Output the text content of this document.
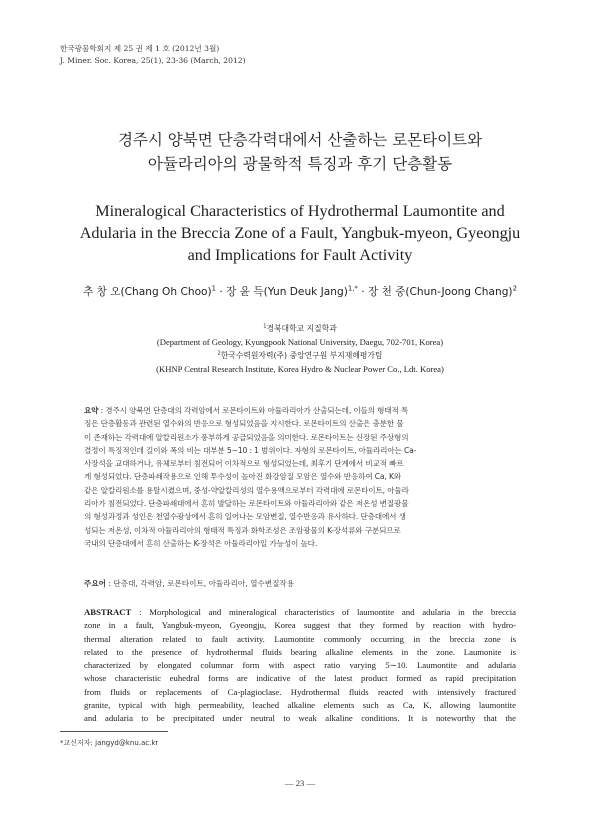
한국광물학회지 제 25 권 제 1 호 (2012년 3월)
J. Miner. Soc. Korea, 25(1), 23-36 (March, 2012)
경주시 양북면 단층각력대에서 산출하는 로몬타이트와
아듈라리아의 광물학적 특징과 후기 단층활동
Mineralogical Characteristics of Hydrothermal Laumontite and
Adularia in the Breccia Zone of a Fault, Yangbuk-myeon, Gyeongju
and Implications for Fault Activity
추 창 오(Chang Oh Choo)$^1$ · 장 윤 득(Yun Deuk Jang)$^{1,*}$ · 장 천 중(Chun-Joong Chang)$^2$
$^1$경북대학교 지질학과
(Department of Geology, Kyungpook National University, Daegu, 702-701, Korea)
$^2$한국수력원자력(주) 중앙연구원 부지재해평가팀
(KHNP Central Research Institute, Korea Hydro & Nuclear Power Co., Ldt. Korea)
요약 : 경주시 양북면 단층대의 각력암에서 로몬타이트와 아듈라리아가 산출되는데, 이들의 형태적 특
징은 단층활동과 관련된 열수와의 반응으로 형성되었음을 지시한다. 로몬타이트의 산출은 충분한 물
이 존재하는 각력대에 알칼리원소가 풍부하게 공급되었음을 의미한다. 로몬타이트는 신장된 주상형의
결정이 특징적인데 길이와 폭의 비는 대부분 5∼10 : 1 범위이다. 자형의 로몬타이트, 아듈라리아는 Ca-
사장석을 교대하거나, 유체로부터 침전되어 이차적으로 형성되었는데, 최후기 단계에서 비교적 빠르
게 형성되었다. 단층파쇄작용으로 인해 투수성이 높아진 화강암질 모암은 열수와 반응하여 Ca, K와
같은 알칼리원소를 용탈시켰으며, 중성-약알칼리성의 열수용액으로부터 각력대에 로몬타이트, 아듈라
리아가 침전되었다. 단층파쇄대에서 흔히 발달하는 로몬타이트와 아듈라리아와 같은 저온성 변질광물
의 형성과정과 성인은 천열수광상에서 흔히 일어나는 모암변질, 열수반응과 유사하다. 단층대에서 생
성되는 저온성, 이차적 아듈라리아의 형태적 특징과 화학조성은 조암광물의 K-장석류와 구분되므로
국내의 단층대에서 흔히 산출하는 K-장석은 아듈라리아일 가능성이 높다.
주요어 : 단층대, 각력암, 로몬타이트, 아듈라리아, 열수변질작용
ABSTRACT : Morphological and mineralogical characteristics of laumontite and adularia in the breccia
zone in a fault, Yangbuk-myeon, Gyeongju, Korea suggest that they formed by reaction with hydro-
thermal alteration related to fault activity. Laumontite commonly occurring in the breccia zone is
related to the presence of hydrothermal fluids bearing alkaline elements in the zone. Laumonite is
characterized by elongated columnar form with aspect ratio varying 5∼10. Laumontite and adularia
whose characteristic euhedral forms are indicative of the latest product formed as rapid precipitation
from fluids or replacements of Ca-plagioclase. Hydrothermal fluids reacted with intensively fractured
granite, typical with high permeability, leached alkaline elements such as Ca, K, allowing laumontite
and adularia to be precipitated under neutral to weak alkaline conditions. It is noteworthy that the
*교신저자: jangyd@knu.ac.kr
― 23 ―
